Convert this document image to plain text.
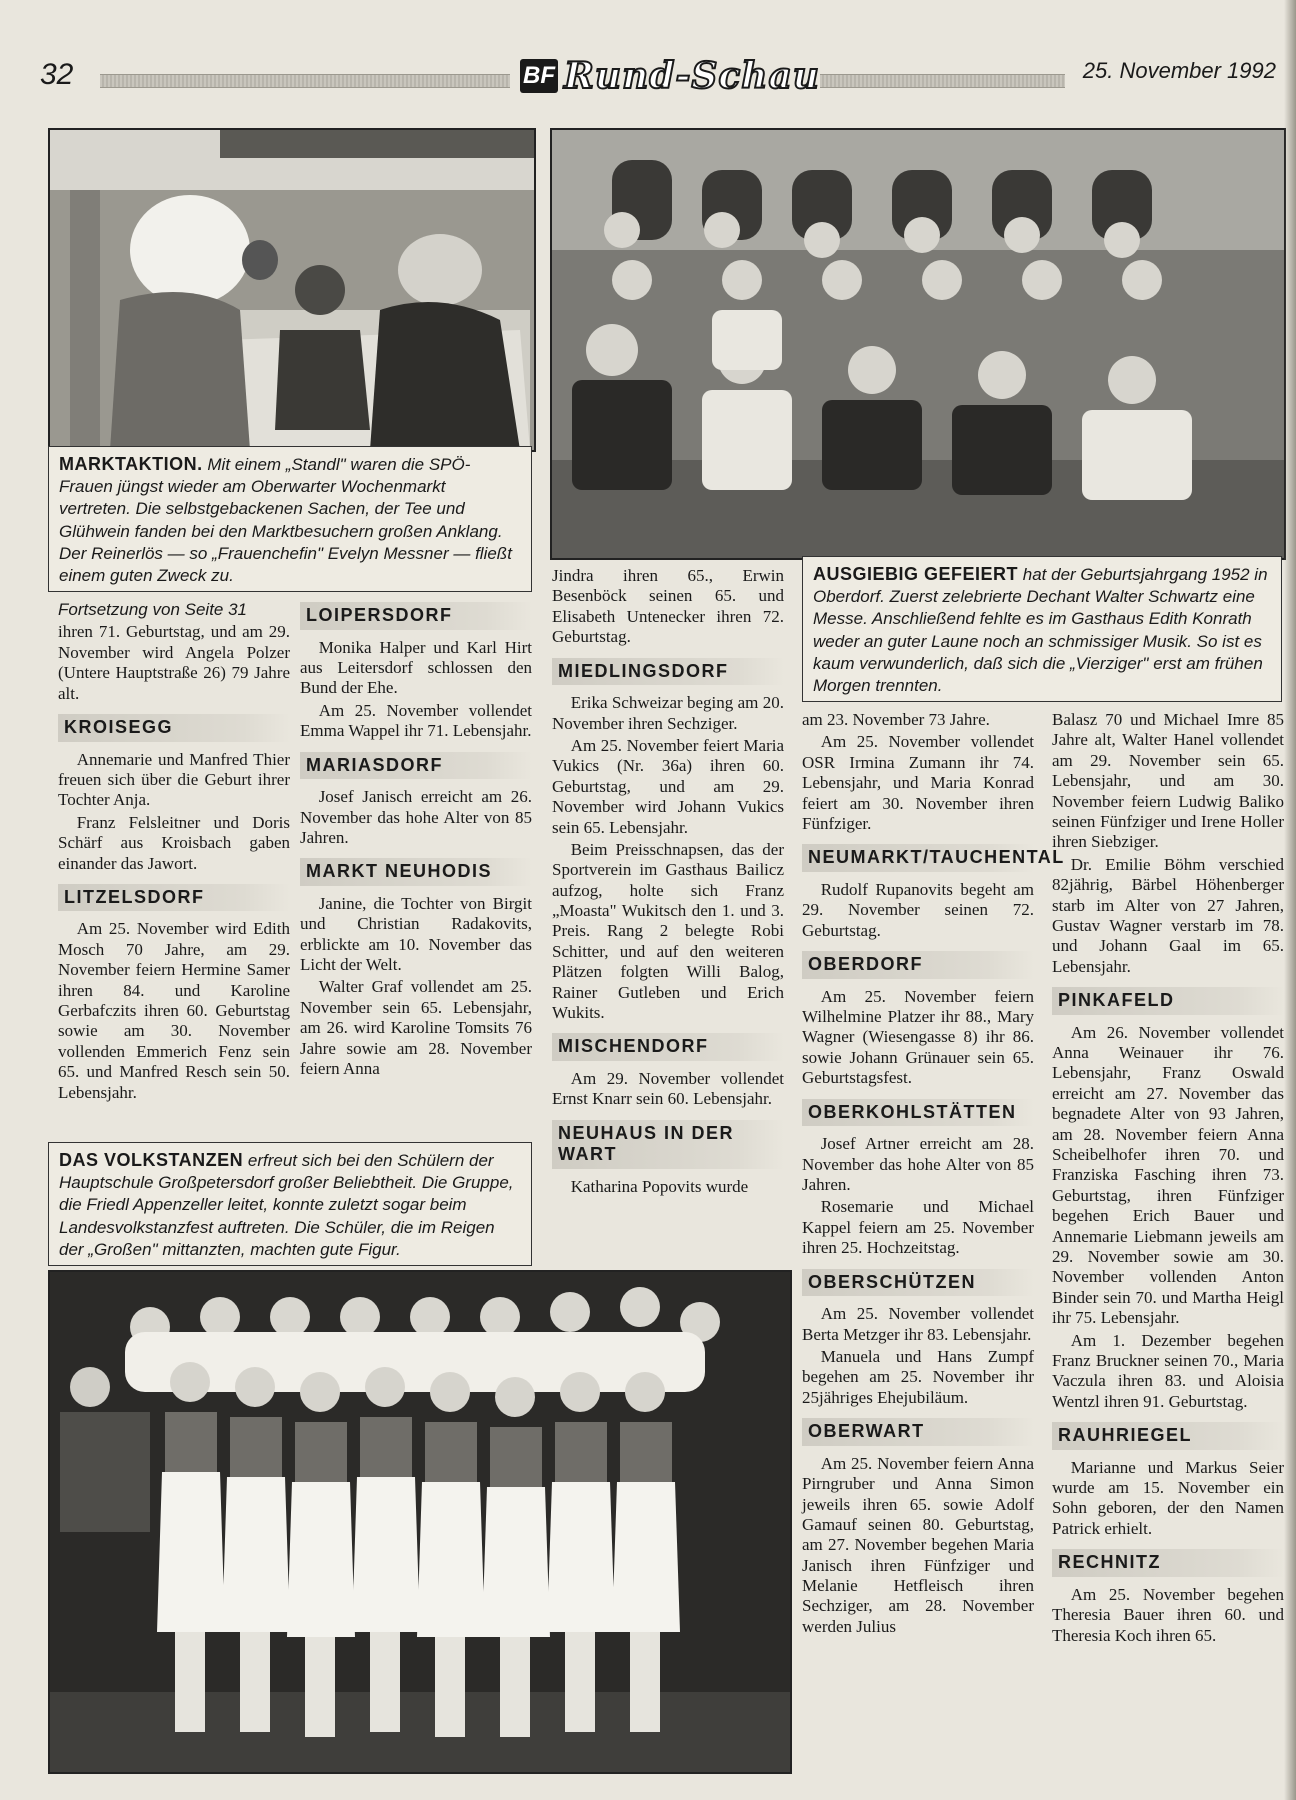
32	BF Rund-Schau	25. November 1992
MARKTAKTION. Mit einem „Standl" waren die SPÖ-Frauen jüngst wieder am Oberwarter Wochenmarkt vertreten. Die selbstgebackenen Sachen, der Tee und Glühwein fanden bei den Marktbesuchern großen Anklang. Der Reinerlös — so „Frauenchefin" Evelyn Messner — fließt einem guten Zweck zu.	AUSGIEBIG GEFEIERT hat der Geburtsjahrgang 1952 in Oberdorf. Zuerst zelebrierte Dechant Walter Schwartz eine Messe. Anschließend fehlte es im Gasthaus Edith Konrath weder an guter Laune noch an schmissiger Musik. So ist es kaum verwunderlich, daß sich die „Vierziger" erst am frühen Morgen trennten.

Fortsetzung von Seite 31

ihren 71. Geburtstag, und am 29. November wird Angela Polzer (Untere Hauptstraße 26) 79 Jahre alt.

KROISEGG

Annemarie und Manfred Thier freuen sich über die Geburt ihrer Tochter Anja.

Franz Felsleitner und Doris Schärf aus Kroisbach gaben einander das Jawort.

LITZELSDORF

Am 25. November wird Edith Mosch 70 Jahre, am 29. November feiern Hermine Samer ihren 84. und Karoline Gerbafczits ihren 60. Geburtstag sowie am 30. November vollenden Emmerich Fenz sein 65. und Manfred Resch sein 50. Lebensjahr.

LOIPERSDORF

Monika Halper und Karl Hirt aus Leitersdorf schlossen den Bund der Ehe.

Am 25. November vollendet Emma Wappel ihr 71. Lebensjahr.

MARIASDORF

Josef Janisch erreicht am 26. November das hohe Alter von 85 Jahren.

MARKT NEUHODIS

Janine, die Tochter von Birgit und Christian Radakovits, erblickte am 10. November das Licht der Welt.

Walter Graf vollendet am 25. November sein 65. Lebensjahr, am 26. wird Karoline Tomsits 76 Jahre sowie am 28. November feiern Anna

Jindra ihren 65., Erwin Besenböck seinen 65. und Elisabeth Untenecker ihren 72. Geburtstag.

MIEDLINGSDORF

Erika Schweizar beging am 20. November ihren Sechziger.

Am 25. November feiert Maria Vukics (Nr. 36a) ihren 60. Geburtstag, und am 29. November wird Johann Vukics sein 65. Lebensjahr.

Beim Preisschnapsen, das der Sportverein im Gasthaus Bailicz aufzog, holte sich Franz „Moasta" Wukitsch den 1. und 3. Preis. Rang 2 belegte Robi Schitter, und auf den weiteren Plätzen folgten Willi Balog, Rainer Gutleben und Erich Wukits.

MISCHENDORF

Am 29. November vollendet Ernst Knarr sein 60. Lebensjahr.

NEUHAUS IN DER WART

Katharina Popovits wurde

DAS VOLKSTANZEN erfreut sich bei den Schülern der Hauptschule Großpetersdorf großer Beliebtheit. Die Gruppe, die Friedl Appenzeller leitet, konnte zuletzt sogar beim Landesvolkstanzfest auftreten. Die Schüler, die im Reigen der „Großen" mittanzten, machten gute Figur.

am 23. November 73 Jahre.

Am 25. November vollendet OSR Irmina Zumann ihr 74. Lebensjahr, und Maria Konrad feiert am 30. November ihren Fünfziger.

NEUMARKT/TAUCHENTAL

Rudolf Rupanovits begeht am 29. November seinen 72. Geburtstag.

OBERDORF

Am 25. November feiern Wilhelmine Platzer ihr 88., Mary Wagner (Wiesengasse 8) ihr 86. sowie Johann Grünauer sein 65. Geburtstagsfest.

OBERKOHLSTÄTTEN

Josef Artner erreicht am 28. November das hohe Alter von 85 Jahren.

Rosemarie und Michael Kappel feiern am 25. November ihren 25. Hochzeitstag.

OBERSCHÜTZEN

Am 25. November vollendet Berta Metzger ihr 83. Lebensjahr.

Manuela und Hans Zumpf begehen am 25. November ihr 25jähriges Ehejubiläum.

OBERWART

Am 25. November feiern Anna Pirngruber und Anna Simon jeweils ihren 65. sowie Adolf Gamauf seinen 80. Geburtstag, am 27. November begehen Maria Janisch ihren Fünfziger und Melanie Hetfleisch ihren Sechziger, am 28. November werden Julius

Balasz 70 und Michael Imre 85 Jahre alt, Walter Hanel vollendet am 29. November sein 65. Lebensjahr, und am 30. November feiern Ludwig Baliko seinen Fünfziger und Irene Holler ihren Siebziger.

Dr. Emilie Böhm verschied 82jährig, Bärbel Höhenberger starb im Alter von 27 Jahren, Gustav Wagner verstarb im 78. und Johann Gaal im 65. Lebensjahr.

PINKAFELD

Am 26. November vollendet Anna Weinauer ihr 76. Lebensjahr, Franz Oswald erreicht am 27. November das begnadete Alter von 93 Jahren, am 28. November feiern Anna Scheibelhofer ihren 70. und Franziska Fasching ihren 73. Geburtstag, ihren Fünfziger begehen Erich Bauer und Annemarie Liebmann jeweils am 29. November sowie am 30. November vollenden Anton Binder sein 70. und Martha Heigl ihr 75. Lebensjahr.

Am 1. Dezember begehen Franz Bruckner seinen 70., Maria Vaczula ihren 83. und Aloisia Wentzl ihren 91. Geburtstag.

RAUHRIEGEL

Marianne und Markus Seier wurde am 15. November ein Sohn geboren, der den Namen Patrick erhielt.

RECHNITZ

Am 25. November begehen Theresia Bauer ihren 60. und Theresia Koch ihren 65.
